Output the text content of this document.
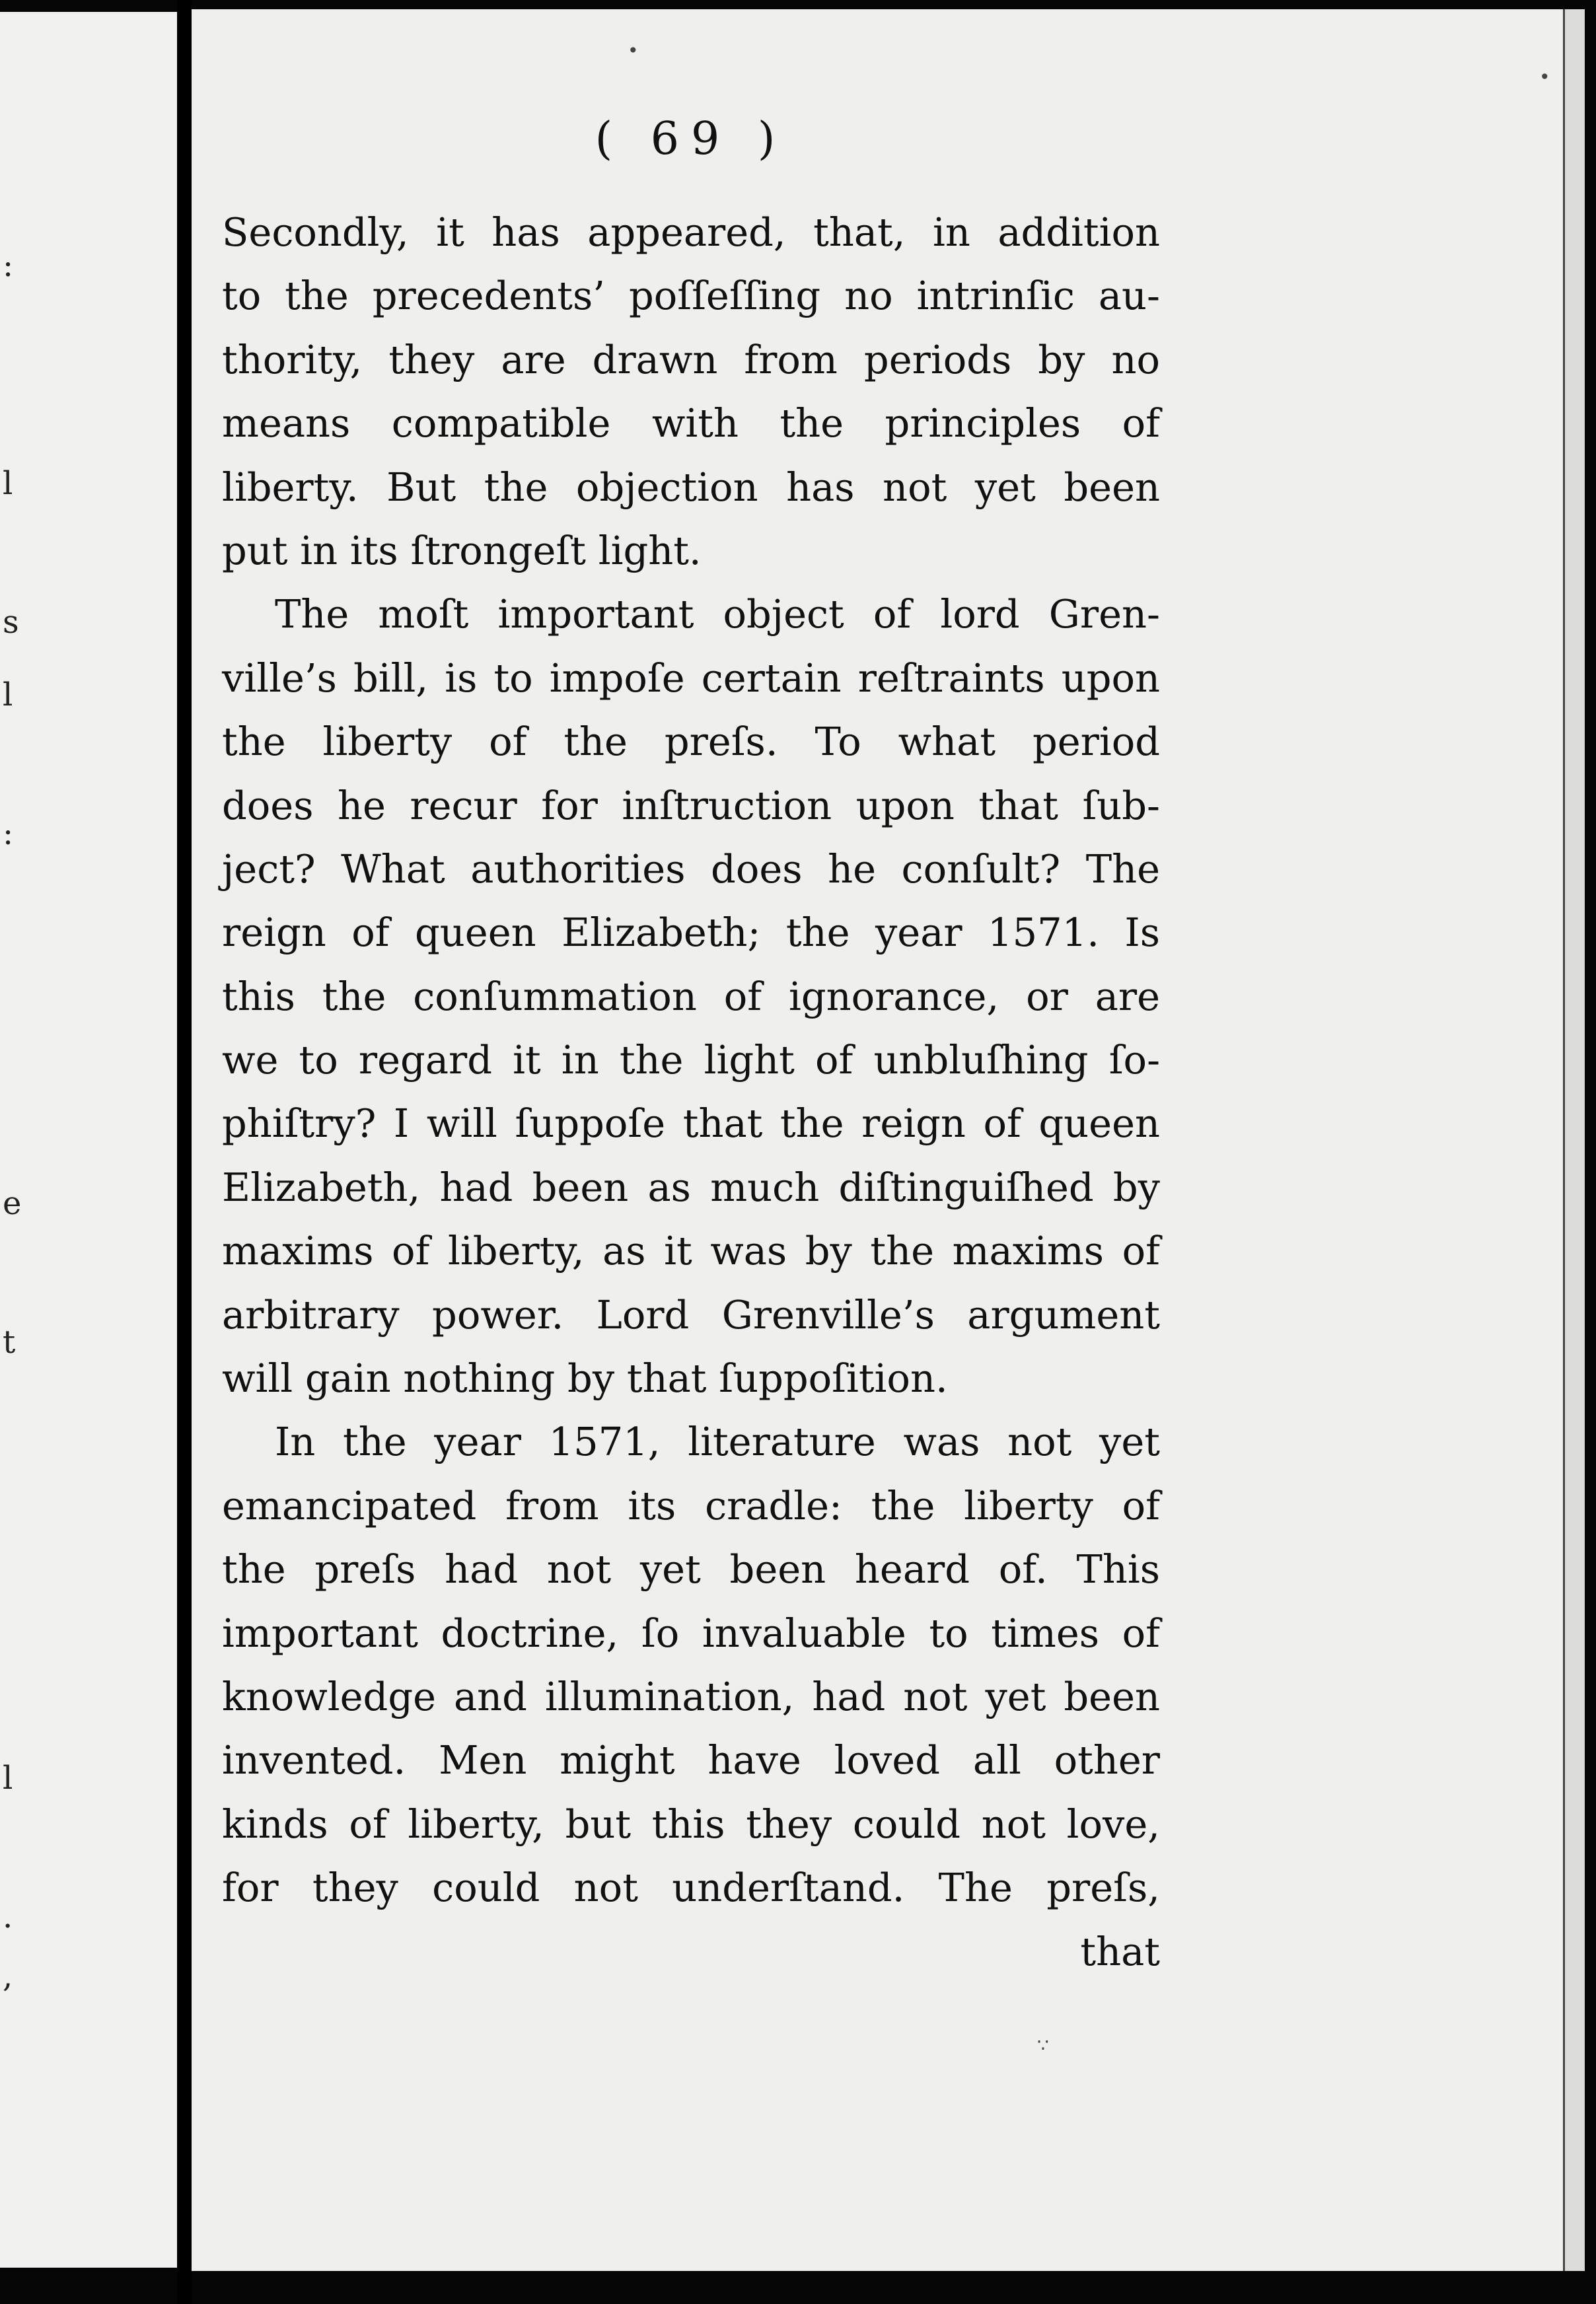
:
l
s
l
:
e
t
l
.
,
•
•
∵
( 69 )
Secondly, it has appeared, that, in addition
to the precedents’ poſſeſſing no intrinſic au-
thority, they are drawn from periods by no
means compatible with the principles of
liberty. But the objection has not yet been
put in its ſtrongeſt light.
The moſt important object of lord Gren-
ville’s bill, is to impoſe certain reſtraints upon
the liberty of the preſs. To what period
does he recur for inſtruction upon that ſub-
ject? What authorities does he conſult? The
reign of queen Elizabeth; the year 1571. Is
this the conſummation of ignorance, or are
we to regard it in the light of unbluſhing ſo-
phiſtry? I will ſuppoſe that the reign of queen
Elizabeth, had been as much diſtinguiſhed by
maxims of liberty, as it was by the maxims of
arbitrary power. Lord Grenville’s argument
will gain nothing by that ſuppoſition.
In the year 1571, literature was not yet
emancipated from its cradle: the liberty of
the preſs had not yet been heard of. This
important doctrine, ſo invaluable to times of
knowledge and illumination, had not yet been
invented. Men might have loved all other
kinds of liberty, but this they could not love,
for they could not underſtand. The preſs,
that
